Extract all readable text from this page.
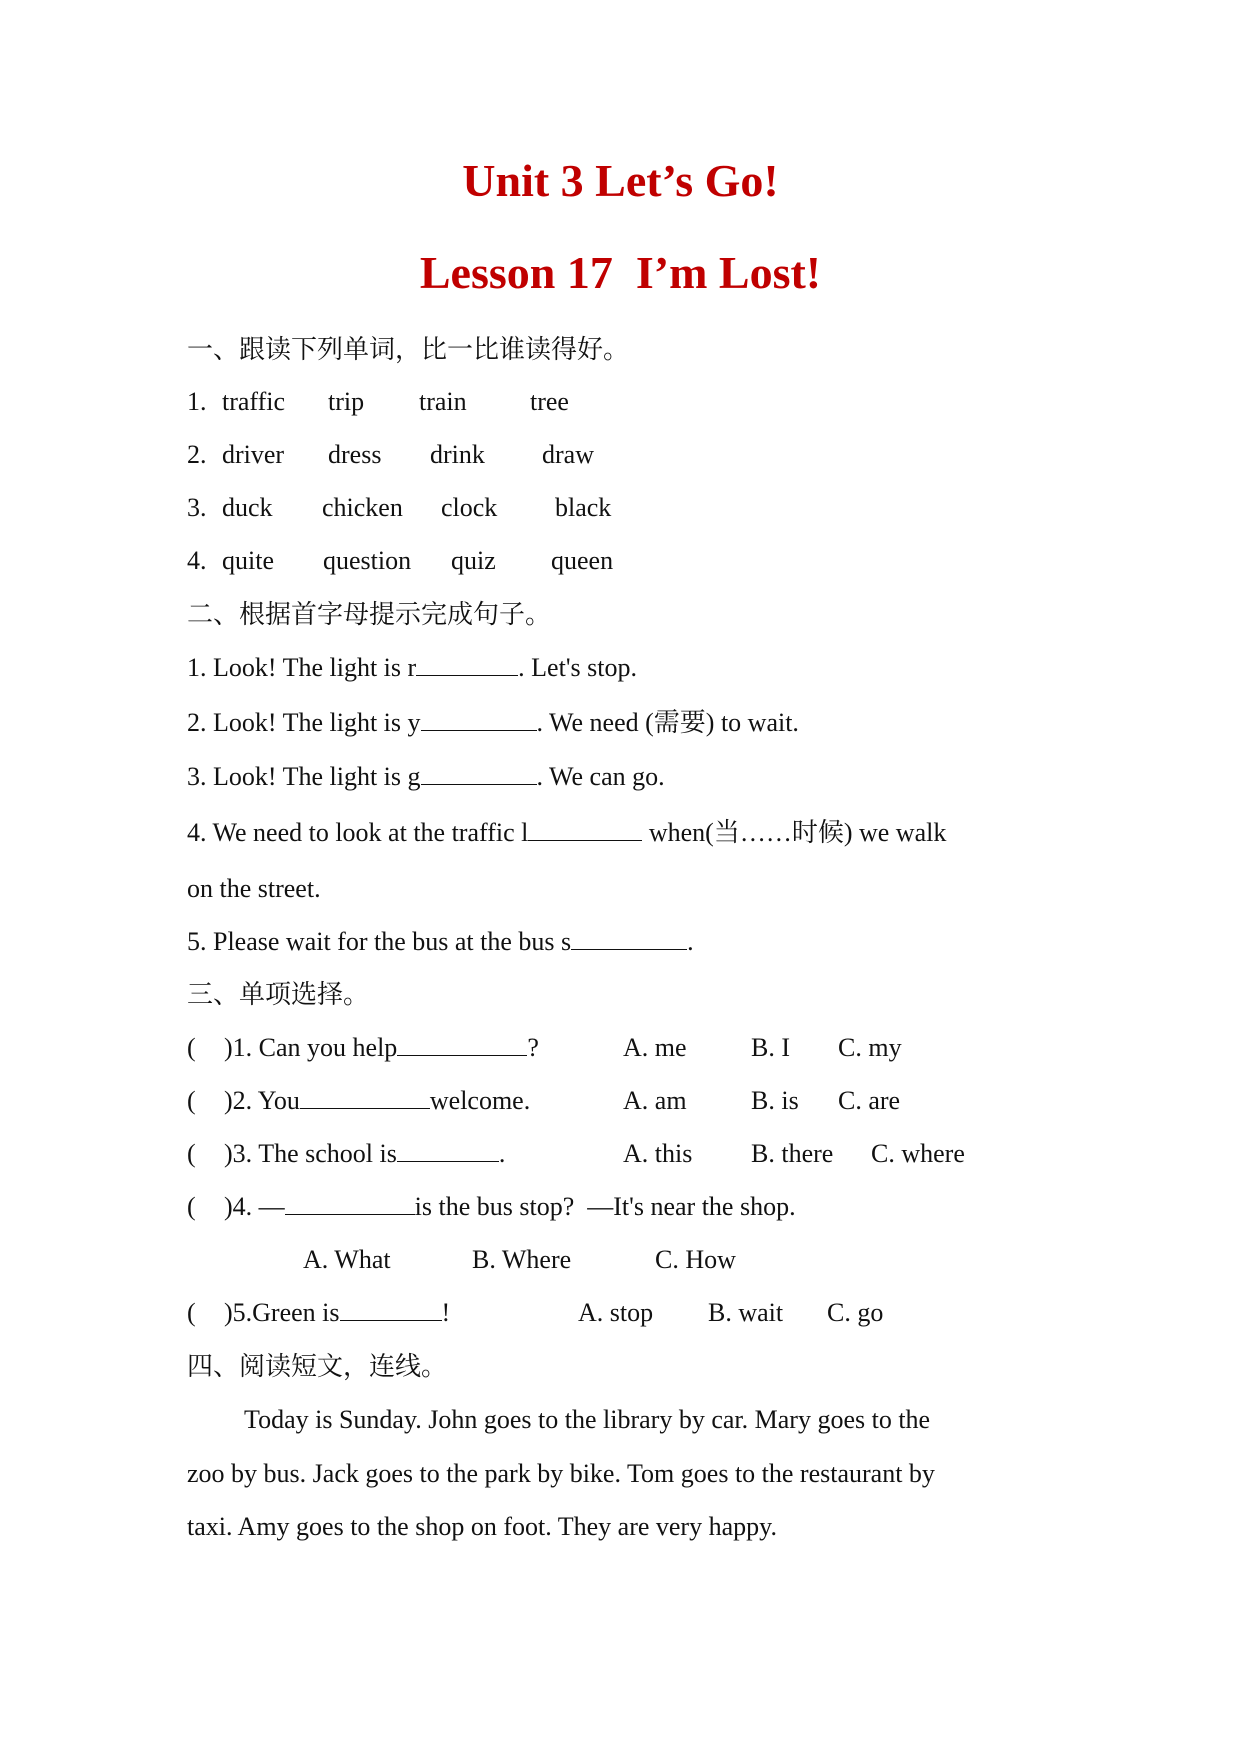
Unit 3 Let’s Go!
Lesson 17  I’m Lost!
一、跟读下列单词，比一比谁读得好。
1. traffic trip train tree
2. driver dress drink draw
3. duck chicken clock black
4. quite question quiz queen
二、根据首字母提示完成句子。
1. Look! The light is r	. Let's stop.
2. Look! The light is y	. We need (需要) to wait.
3. Look! The light is g	. We can go.
4. We need to look at the traffic l	when(当……时候) we walk
on the street.
5. Please wait for the bus at the bus s	.
三、单项选择。
( )1. Can you help	?	A. me B. I C. my
( )2. You	welcome.	A. am B. is C. are
( )3. The school is	.	A. this B. there C. where
( )4. —	is the bus stop?  —It's near the shop.
A. What	B. Where	C. How
( )5.Green is	!	A. stop B. wait C. go
四、阅读短文，连线。
Today is Sunday. John goes to the library by car. Mary goes to the
zoo by bus. Jack goes to the park by bike. Tom goes to the restaurant by
taxi. Amy goes to the shop on foot. They are very happy.
